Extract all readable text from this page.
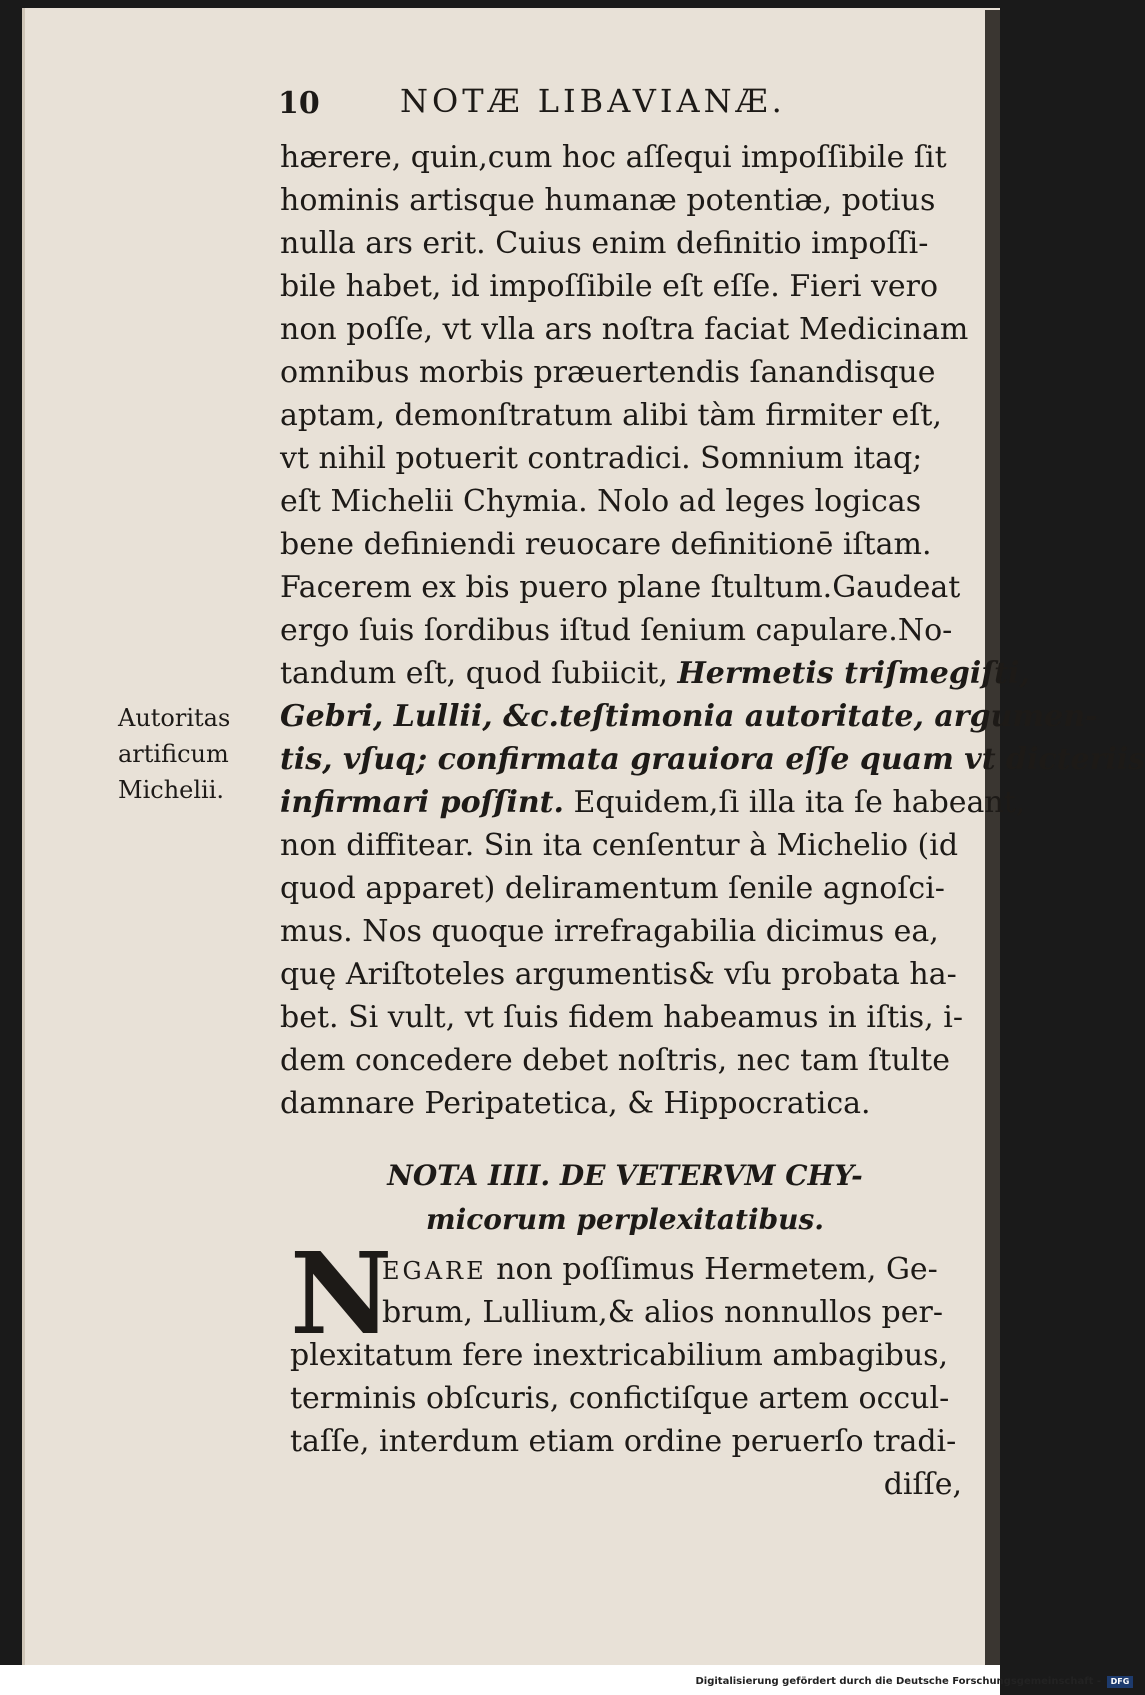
10	NOTÆ LIBAVIANÆ.
Autoritas
artificum
Michelii.
hærere, quin,cum hoc aſſequi impoſſibile ſit
hominis artisque humanæ potentiæ, potius
nulla ars erit. Cuius enim definitio impoſſi-
bile habet, id impoſſibile eſt eſſe. Fieri vero
non poſſe, vt vlla ars noſtra faciat Medicinam
omnibus morbis præuertendis ſanandisque
aptam, demonſtratum alibi tàm firmiter eſt,
vt nihil potuerit contradici. Somnium itaq;
eſt Michelii Chymia. Nolo ad leges logicas
bene definiendi reuocare definitionē iſtam.
Facerem ex bis puero plane ſtultum.Gaudeat
ergo ſuis ſordibus iſtud ſenium capulare.No-
tandum eſt, quod ſubiicit, Hermetis triſmegiſti,
Gebri, Lullii, &c.teſtimonia autoritate, argumen-
tis, vſuq; confirmata grauiora eſſe quam vt dicteriis
infirmari poſſint. Equidem,ſi illa ita ſe habeant,
non diffitear. Sin ita cenſentur à Michelio (id
quod apparet) deliramentum ſenile agnoſci-
mus. Nos quoque irrefragabilia dicimus ea,
quę Ariſtoteles argumentis& vſu probata ha-
bet. Si vult, vt ſuis fidem habeamus in iſtis, i-
dem concedere debet noſtris, nec tam ſtulte
damnare Peripatetica, & Hippocratica.
NOTA IIII. DE VETERVM CHY-
micorum perplexitatibus.
N
EGARE non poſſimus Hermetem, Ge-
brum, Lullium,& alios nonnullos per-
plexitatum fere inextricabilium ambagibus,
terminis obſcuris, confictiſque artem occul-
taſſe, interdum etiam ordine peruerſo tradi-
diſſe,
Digitalisierung gefördert durch die Deutsche Forschungsgemeinschaft -	DFG
